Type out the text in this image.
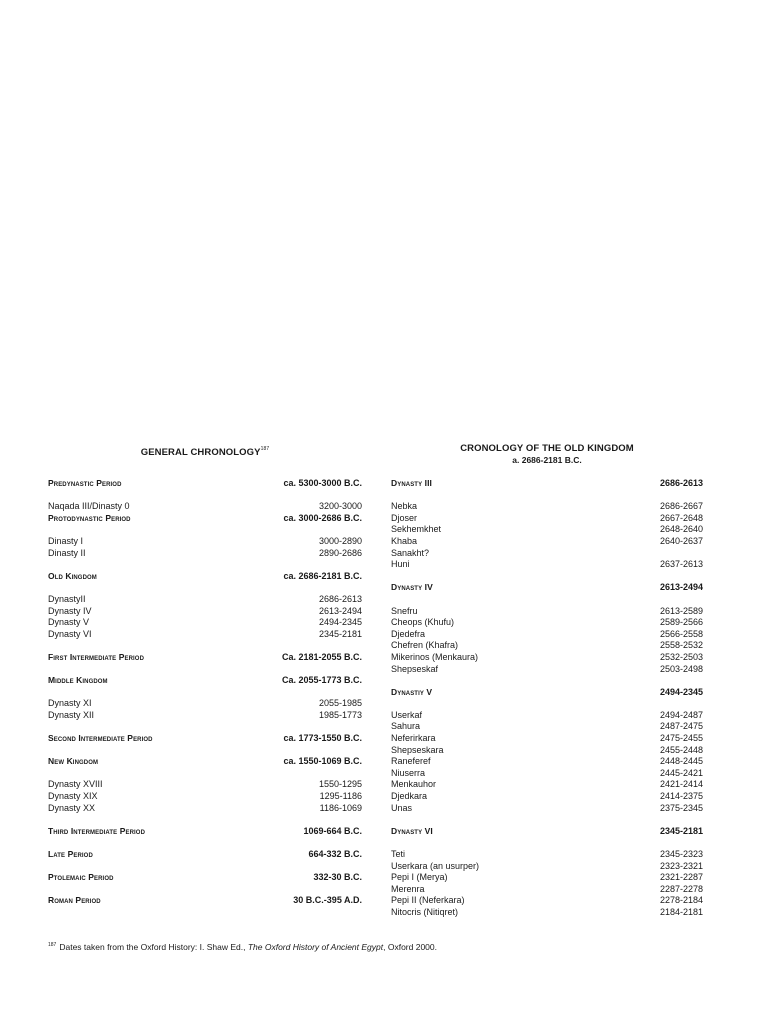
GENERAL CHRONOLOGY$^{187}$
Predynastic Period	ca. 5300-3000 B.C.
Naqada III/Dinasty 0	3200-3000
Protodynastic Period	ca. 3000-2686 B.C.
Dinasty I	3000-2890
Dinasty II	2890-2686
Old Kingdom	ca. 2686-2181 B.C.
DynastyII	2686-2613
Dynasty IV	2613-2494
Dynasty V	2494-2345
Dynasty VI	2345-2181
First Intermediate Period	Ca. 2181-2055 B.C.
Middle Kingdom	Ca. 2055-1773 B.C.
Dynasty XI	2055-1985
Dynasty XII	1985-1773
Second Intermediate Period	ca. 1773-1550 B.C.
New Kingdom	ca. 1550-1069 B.C.
Dynasty XVIII	1550-1295
Dynasty XIX	1295-1186
Dynasty XX	1186-1069
Third Intermediate Period	1069-664 B.C.
Late Period	664-332 B.C.
Ptolemaic Period	332-30 B.C.
Roman Period	30 B.C.-395 A.D.
CRONOLOGY OF THE OLD KINGDOM
a. 2686-2181 B.C.
Dynasty III	2686-2613
Nebka	2686-2667
Djoser	2667-2648
Sekhemkhet	2648-2640
Khaba	2640-2637
Sanakht?
Huni	2637-2613
Dynasty IV	2613-2494
Snefru	2613-2589
Cheops (Khufu)	2589-2566
Djedefra	2566-2558
Chefren (Khafra)	2558-2532
Mikerinos (Menkaura)	2532-2503
Shepseskaf	2503-2498
Dynastiy V	2494-2345
Userkaf	2494-2487
Sahura	2487-2475
Neferirkara	2475-2455
Shepseskara	2455-2448
Raneferef	2448-2445
Niuserra	2445-2421
Menkauhor	2421-2414
Djedkara	2414-2375
Unas	2375-2345
Dynasty VI	2345-2181
Teti	2345-2323
Userkara (an usurper)	2323-2321
Pepi I (Merya)	2321-2287
Merenra	2287-2278
Pepi II (Neferkara)	2278-2184
Nitocris (Nitiqret)	2184-2181
$^{187}$ Dates taken from the Oxford History: I. Shaw Ed., The Oxford History of Ancient Egypt, Oxford 2000.
